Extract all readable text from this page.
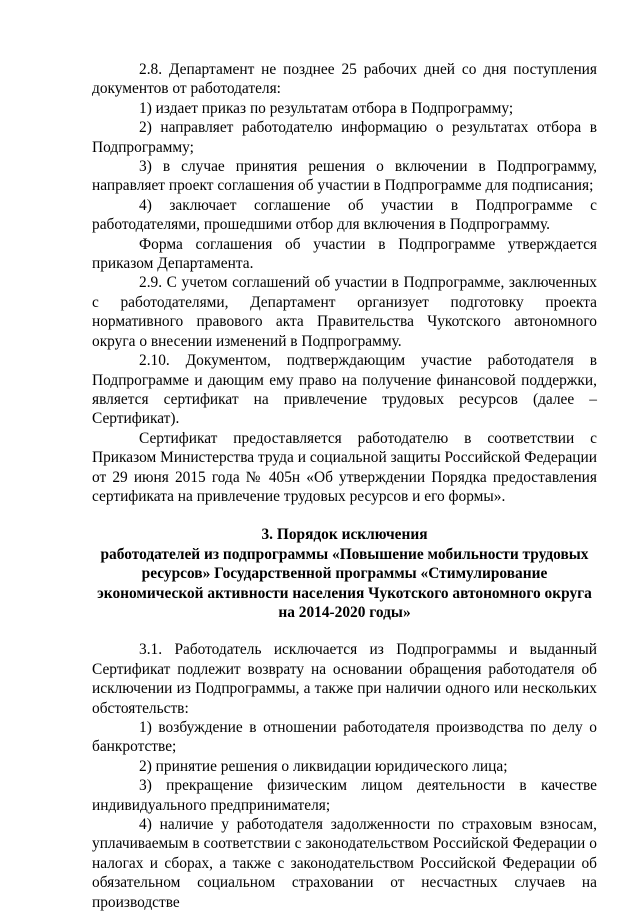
2.8. Департамент не позднее 25 рабочих дней со дня поступления документов от работодателя:

1) издает приказ по результатам отбора в Подпрограмму;

2) направляет работодателю информацию о результатах отбора в Подпрограмму;

3) в случае принятия решения о включении в Подпрограмму, направляет проект соглашения об участии в Подпрограмме для подписания;

4) заключает соглашение об участии в Подпрограмме с работодателями, прошедшими отбор для включения в Подпрограмму.

Форма соглашения об участии в Подпрограмме утверждается приказом Департамента.

2.9. С учетом соглашений об участии в Подпрограмме, заключенных с работодателями, Департамент организует подготовку проекта нормативного правового акта Правительства Чукотского автономного округа о внесении изменений в Подпрограмму.

2.10. Документом, подтверждающим участие работодателя в Подпрограмме и дающим ему право на получение финансовой поддержки, является сертификат на привлечение трудовых ресурсов (далее – Сертификат).

Сертификат предоставляется работодателю в соответствии с Приказом Министерства труда и социальной защиты Российской Федерации от 29 июня 2015 года № 405н «Об утверждении Порядка предоставления сертификата на привлечение трудовых ресурсов и его формы».

3. Порядок исключения

работодателей из подпрограммы «Повышение мобильности трудовых

ресурсов» Государственной программы «Стимулирование

экономической активности населения Чукотского автономного округа

на 2014-2020 годы»

3.1. Работодатель исключается из Подпрограммы и выданный Сертификат подлежит возврату на основании обращения работодателя об исключении из Подпрограммы, а также при наличии одного или нескольких обстоятельств:

1) возбуждение в отношении работодателя производства по делу о банкротстве;

2) принятие решения о ликвидации юридического лица;

3) прекращение физическим лицом деятельности в качестве индивидуального предпринимателя;

4) наличие у работодателя задолженности по страховым взносам, уплачиваемым в соответствии с законодательством Российской Федерации о налогах и сборах, а также с законодательством Российской Федерации об обязательном социальном страховании от несчастных случаев на производстве
